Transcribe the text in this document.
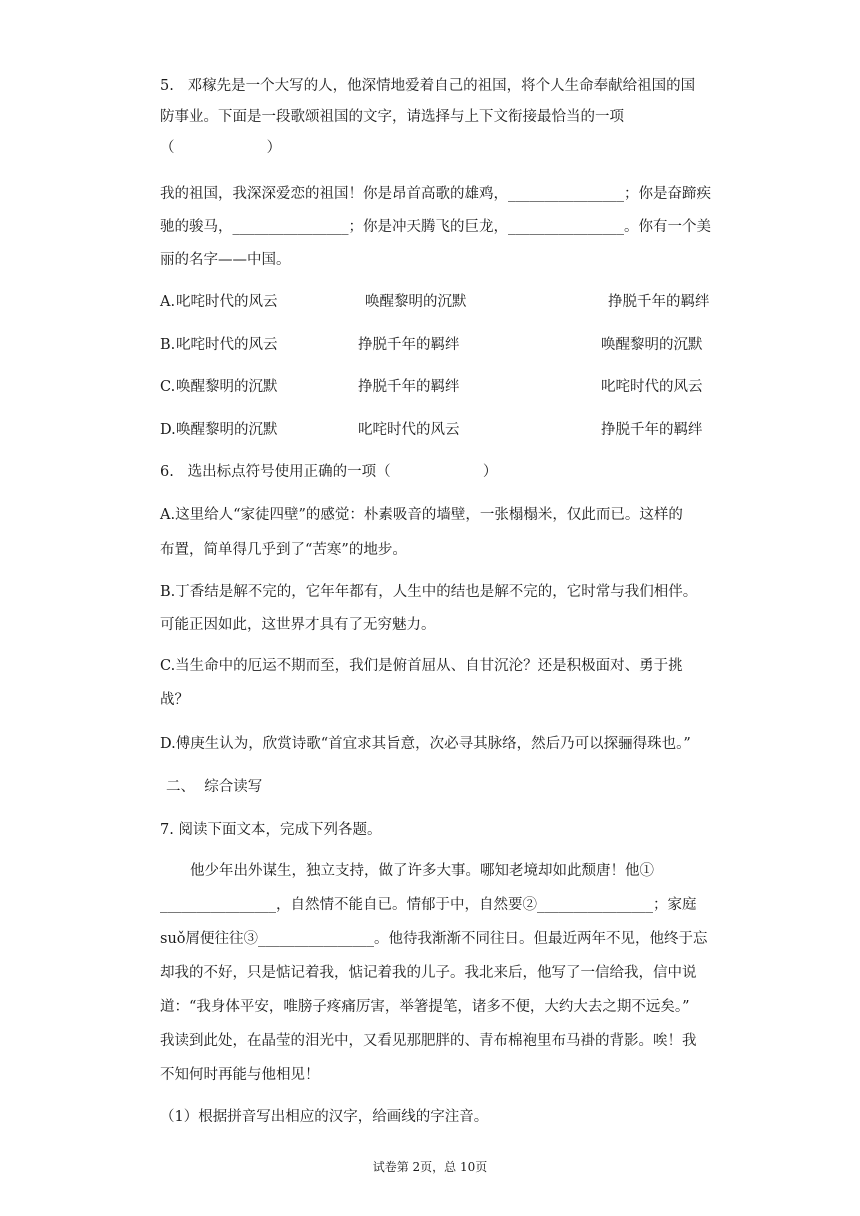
5.   邓稼先是一个大写的人，他深情地爱着自己的祖国，将个人生命奉献给祖国的国
防事业。下面是一段歌颂祖国的文字，请选择与上下文衔接最恰当的一项
（                    ）
我的祖国，我深深爱恋的祖国！你是昂首高歌的雄鸡，________________；你是奋蹄疾
驰的骏马，________________；你是冲天腾飞的巨龙，________________。你有一个美
丽的名字——中国。
A. 叱咤时代的风云	唤醒黎明的沉默	挣脱千年的羁绊
B. 叱咤时代的风云	挣脱千年的羁绊	唤醒黎明的沉默
C. 唤醒黎明的沉默	挣脱千年的羁绊	叱咤时代的风云
D. 唤醒黎明的沉默	叱咤时代的风云	挣脱千年的羁绊
6.   选出标点符号使用正确的一项（                    ）
A.这里给人“家徒四壁”的感觉：朴素吸音的墙壁，一张榻榻米，仅此而已。这样的
布置，简单得几乎到了“苦寒”的地步。
B.丁香结是解不完的，它年年都有，人生中的结也是解不完的，它时常与我们相伴。
可能正因如此，这世界才具有了无穷魅力。
C.当生命中的厄运不期而至，我们是俯首屈从、自甘沉沦？还是积极面对、勇于挑
战？
D.傅庚生认为，欣赏诗歌“首宜求其旨意，次必寻其脉络，然后乃可以探骊得珠也。”
二、  综合读写
7. 阅读下面文本，完成下列各题。
他少年出外谋生，独立支持，做了许多大事。哪知老境却如此颓唐！他①
________________，自然情不能自已。情郁于中，自然要②________________；家庭
suǒ屑便往往③________________。他待我渐渐不同往日。但最近两年不见，他终于忘
却我的不好，只是惦记着我，惦记着我的儿子。我北来后，他写了一信给我，信中说
道：“我身体平安，唯膀子疼痛厉害，举箸提笔，诸多不便，大约大去之期不远矣。”
我读到此处，在晶莹的泪光中，又看见那肥胖的、青布棉袍里布马褂的背影。唉！我
不知何时再能与他相见！
（1）根据拼音写出相应的汉字，给画线的字注音。
试卷第 2页，总 10页
